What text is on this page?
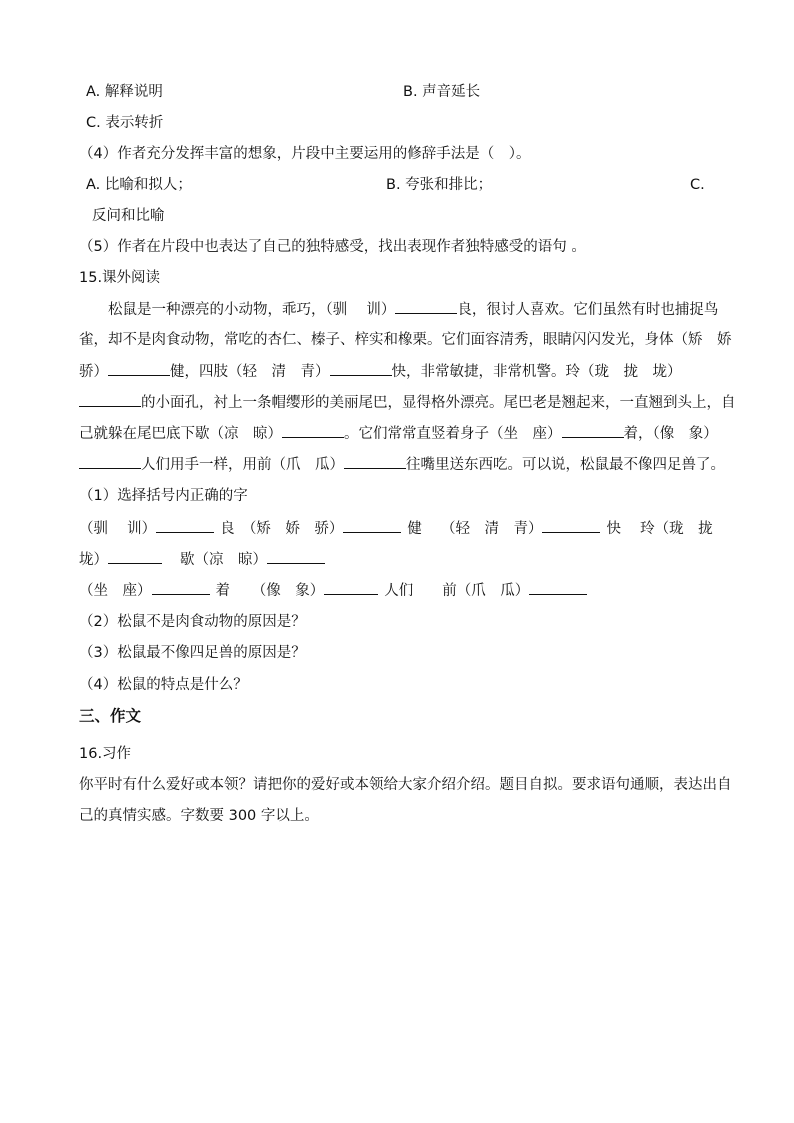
A. 解释说明	B. 声音延长
C. 表示转折
（4）作者充分发挥丰富的想象，片段中主要运用的修辞手法是（　）。
A. 比喻和拟人；	B. 夸张和排比；	C.
反问和比喻
（5）作者在片段中也表达了自己的独特感受，找出表现作者独特感受的语句 。
15.课外阅读
松鼠是一种漂亮的小动物，乖巧，（驯　 训）	良，很讨人喜欢。它们虽然有时也捕捉鸟
雀，却不是肉食动物，常吃的杏仁、榛子、梓实和橡栗。它们面容清秀，眼睛闪闪发光，身体（矫　娇
骄）	健，四肢（轻　清　青）	快，非常敏捷，非常机警。玲（珑　拢　垅）
的小面孔，衬上一条帽缨形的美丽尾巴，显得格外漂亮。尾巴老是翘起来，一直翘到头上，自
己就躲在尾巴底下歇（凉　晾）	。它们常常直竖着身子（坐　座）	着，（像　象）
人们用手一样，用前（爪　瓜）	往嘴里送东西吃。可以说，松鼠最不像四足兽了。
（1）选择括号内正确的字
（驯　 训）	良　（矫　娇　骄）	健　 （轻　清　青）	快　 玲（珑　拢
垅）	歇（凉　晾）
（坐　座）	着　　（像　象）	人们　　前（爪　瓜）
（2）松鼠不是肉食动物的原因是？
（3）松鼠最不像四足兽的原因是？
（4）松鼠的特点是什么？
三、作文
16.习作
你平时有什么爱好或本领？请把你的爱好或本领给大家介绍介绍。题目自拟。要求语句通顺，表达出自
己的真情实感。字数要 300 字以上。
